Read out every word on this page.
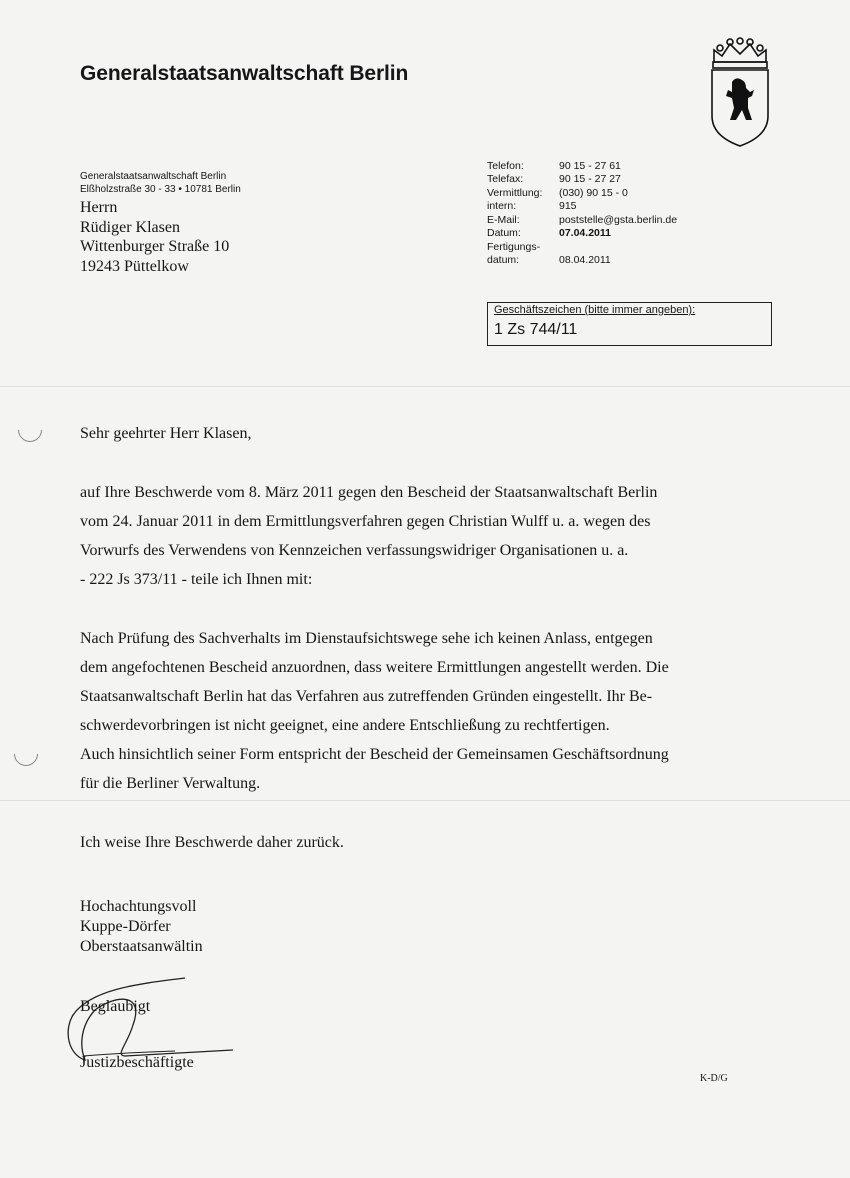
Generalstaatsanwaltschaft Berlin
Generalstaatsanwaltschaft Berlin
Elßholzstraße 30 - 33 • 10781 Berlin
Herrn
Rüdiger Klasen
Wittenburger Straße 10
19243 Püttelkow
Telefon:	90 15 - 27 61
Telefax:	90 15 - 27 27
Vermittlung:	(030) 90 15 - 0
intern:	915
E-Mail:	poststelle@gsta.berlin.de
Datum:	07.04.2011
Fertigungs-
datum:	08.04.2011
Geschäftszeichen (bitte immer angeben):
1 Zs 744/11
Sehr geehrter Herr Klasen,
auf Ihre Beschwerde vom 8. März 2011 gegen den Bescheid der Staatsanwaltschaft Berlin
vom 24. Januar 2011 in dem Ermittlungsverfahren gegen Christian Wulff u. a. wegen des
Vorwurfs des Verwendens von Kennzeichen verfassungswidriger Organisationen u. a.
- 222 Js 373/11 - teile ich Ihnen mit:
Nach Prüfung des Sachverhalts im Dienstaufsichtswege sehe ich keinen Anlass, entgegen
dem angefochtenen Bescheid anzuordnen, dass weitere Ermittlungen angestellt werden. Die
Staatsanwaltschaft Berlin hat das Verfahren aus zutreffenden Gründen eingestellt. Ihr Be-
schwerdevorbringen ist nicht geeignet, eine andere Entschließung zu rechtfertigen.
Auch hinsichtlich seiner Form entspricht der Bescheid der Gemeinsamen Geschäftsordnung
für die Berliner Verwaltung.
Ich weise Ihre Beschwerde daher zurück.
Hochachtungsvoll
Kuppe-Dörfer
Oberstaatsanwältin
Beglaubigt
Justizbeschäftigte
K-D/G
